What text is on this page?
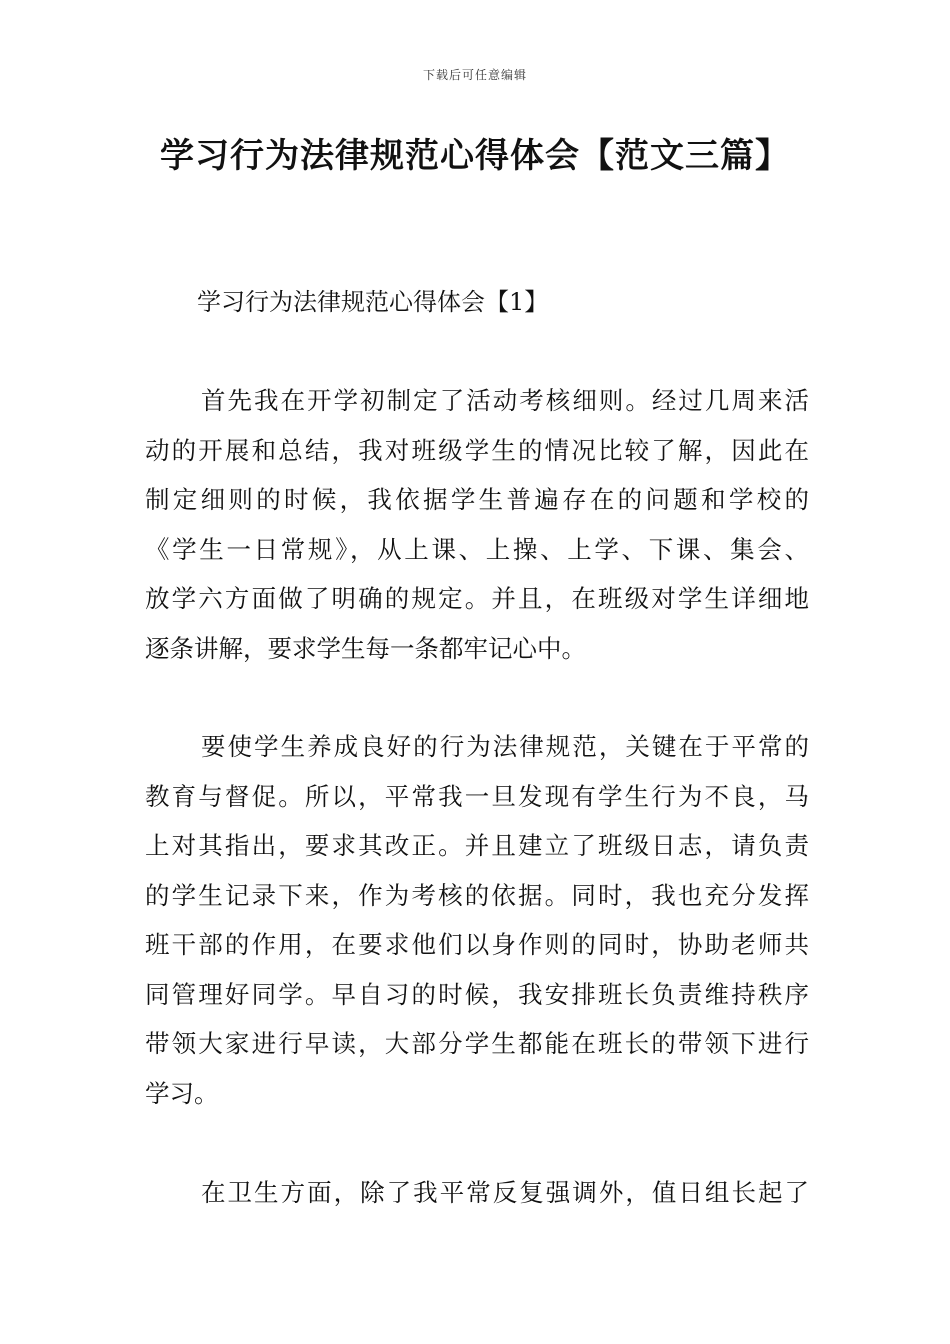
下载后可任意编辑
学习行为法律规范心得体会【范文三篇】
学习行为法律规范心得体会【1】
首先我在开学初制定了活动考核细则。经过几周来活
动的开展和总结，我对班级学生的情况比较了解，因此在
制定细则的时候，我依据学生普遍存在的问题和学校的
《学生一日常规》，从上课、上操、上学、下课、集会、
放学六方面做了明确的规定。并且，在班级对学生详细地
逐条讲解，要求学生每一条都牢记心中。
要使学生养成良好的行为法律规范，关键在于平常的
教育与督促。所以，平常我一旦发现有学生行为不良，马
上对其指出，要求其改正。并且建立了班级日志，请负责
的学生记录下来，作为考核的依据。同时，我也充分发挥
班干部的作用，在要求他们以身作则的同时，协助老师共
同管理好同学。早自习的时候，我安排班长负责维持秩序
带领大家进行早读，大部分学生都能在班长的带领下进行
学习。
在卫生方面，除了我平常反复强调外，值日组长起了
